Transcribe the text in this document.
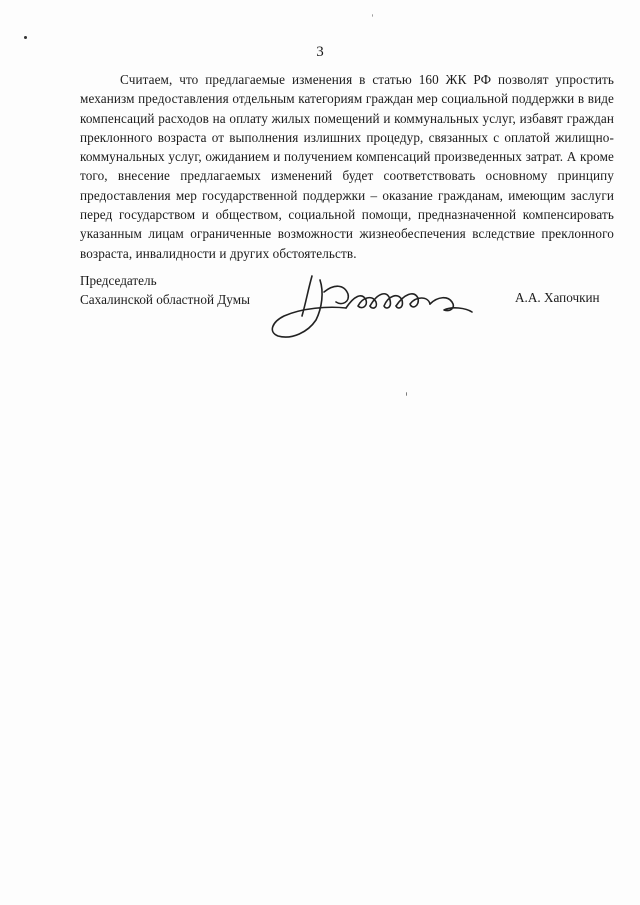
3

Считаем, что предлагаемые изменения в статью 160 ЖК РФ позволят упростить механизм предоставления отдельным категориям граждан мер социальной поддержки в виде компенсаций расходов на оплату жилых помещений и коммунальных услуг, избавят граждан преклонного возраста от выполнения излишних процедур, связанных с оплатой жилищно-коммунальных услуг, ожиданием и получением компенсаций произведенных затрат. А кроме того, внесение предлагаемых изменений будет соответствовать основному принципу предоставления мер государственной поддержки – оказание гражданам, имеющим заслуги перед государством и обществом, социальной помощи, предназначенной компенсировать указанным лицам ограниченные возможности жизнеобеспечения вследствие преклонного возраста, инвалидности и других обстоятельств.

Председатель
Сахалинской областной Думы	А.А. Хапочкин
